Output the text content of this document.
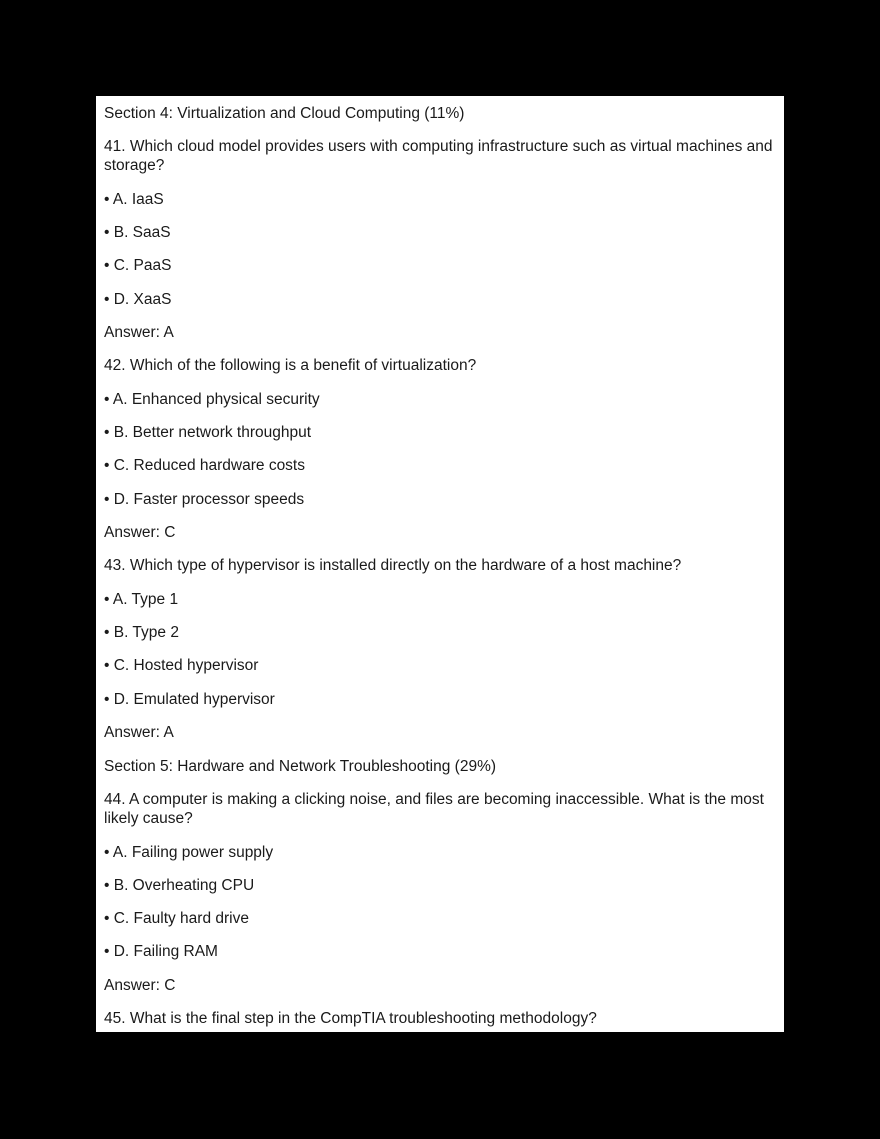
Section 4: Virtualization and Cloud Computing (11%)
41. Which cloud model provides users with computing infrastructure such as virtual machines and storage?
• A. IaaS
• B. SaaS
• C. PaaS
• D. XaaS
Answer: A
42. Which of the following is a benefit of virtualization?
• A. Enhanced physical security
• B. Better network throughput
• C. Reduced hardware costs
• D. Faster processor speeds
Answer: C
43. Which type of hypervisor is installed directly on the hardware of a host machine?
• A. Type 1
• B. Type 2
• C. Hosted hypervisor
• D. Emulated hypervisor
Answer: A
Section 5: Hardware and Network Troubleshooting (29%)
44. A computer is making a clicking noise, and files are becoming inaccessible. What is the most likely cause?
• A. Failing power supply
• B. Overheating CPU
• C. Faulty hard drive
• D. Failing RAM
Answer: C
45. What is the final step in the CompTIA troubleshooting methodology?
